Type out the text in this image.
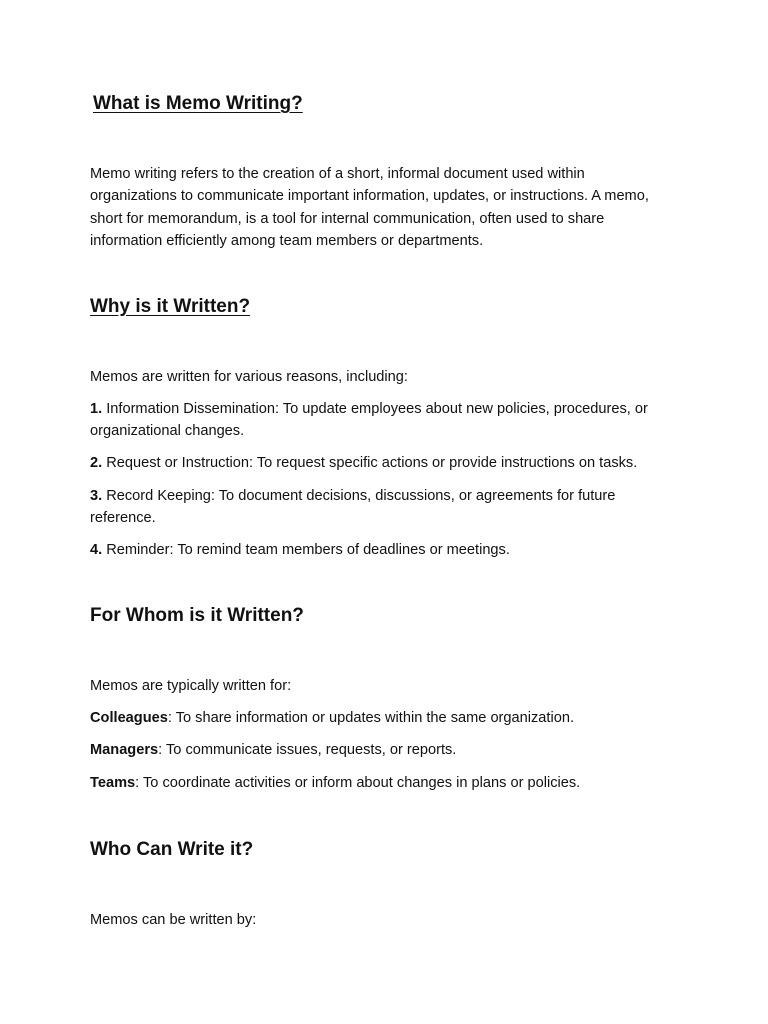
What is Memo Writing?

Memo writing refers to the creation of a short, informal document used within organizations to communicate important information, updates, or instructions. A memo, short for memorandum, is a tool for internal communication, often used to share information efficiently among team members or departments.

Why is it Written?

Memos are written for various reasons, including:

1. Information Dissemination: To update employees about new policies, procedures, or organizational changes.

2. Request or Instruction: To request specific actions or provide instructions on tasks.

3. Record Keeping: To document decisions, discussions, or agreements for future reference.

4. Reminder: To remind team members of deadlines or meetings.

For Whom is it Written?

Memos are typically written for:

Colleagues: To share information or updates within the same organization.

Managers: To communicate issues, requests, or reports.

Teams: To coordinate activities or inform about changes in plans or policies.

Who Can Write it?

Memos can be written by:
